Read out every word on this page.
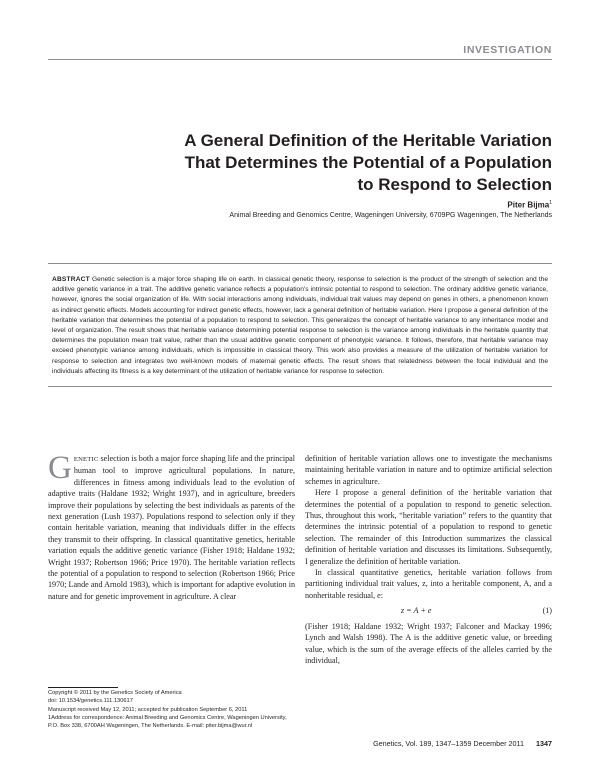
INVESTIGATION
A General Definition of the Heritable Variation
That Determines the Potential of a Population
to Respond to Selection
Piter Bijma$^1$
Animal Breeding and Genomics Centre, Wageningen University, 6709PG Wageningen, The Netherlands
ABSTRACT Genetic selection is a major force shaping life on earth. In classical genetic theory, response to selection is the product of the strength of selection and the additive genetic variance in a trait. The additive genetic variance reflects a population’s intrinsic potential to respond to selection. The ordinary additive genetic variance, however, ignores the social organization of life. With social interactions among individuals, individual trait values may depend on genes in others, a phenomenon known as indirect genetic effects. Models accounting for indirect genetic effects, however, lack a general definition of heritable variation. Here I propose a general definition of the heritable variation that determines the potential of a population to respond to selection. This generalizes the concept of heritable variance to any inheritance model and level of organization. The result shows that heritable variance determining potential response to selection is the variance among individuals in the heritable quantity that determines the population mean trait value, rather than the usual additive genetic component of phenotypic variance. It follows, therefore, that heritable variance may exceed phenotypic variance among individuals, which is impossible in classical theory. This work also provides a measure of the utilization of heritable variation for response to selection and integrates two well-known models of maternal genetic effects. The result shows that relatedness between the focal individual and the individuals affecting its fitness is a key determinant of the utilization of heritable variance for response to selection.

GENETIC selection is both a major force shaping life and the principal human tool to improve agricultural populations. In nature, differences in fitness among individuals lead to the evolution of adaptive traits (Haldane 1932; Wright 1937), and in agriculture, breeders improve their populations by selecting the best individuals as parents of the next generation (Lush 1937). Populations respond to selection only if they contain heritable variation, meaning that individuals differ in the effects they transmit to their offspring. In classical quantitative genetics, heritable variation equals the additive genetic variance (Fisher 1918; Haldane 1932; Wright 1937; Robertson 1966; Price 1970). The heritable variation reflects the potential of a population to respond to selection (Robertson 1966; Price 1970; Lande and Arnold 1983), which is important for adaptive evolution in nature and for genetic improvement in agriculture. A clear

definition of heritable variation allows one to investigate the mechanisms maintaining heritable variation in nature and to optimize artificial selection schemes in agriculture.

Here I propose a general definition of the heritable variation that determines the potential of a population to respond to genetic selection. Thus, throughout this work, “heritable variation” refers to the quantity that determines the intrinsic potential of a population to respond to genetic selection. The remainder of this Introduction summarizes the classical definition of heritable variation and discusses its limitations. Subsequently, I generalize the definition of heritable variation.

In classical quantitative genetics, heritable variation follows from partitioning individual trait values, z, into a heritable component, A, and a nonheritable residual, e:

z = A + e	(1)

(Fisher 1918; Haldane 1932; Wright 1937; Falconer and Mackay 1996; Lynch and Walsh 1998). The A is the additive genetic value, or breeding value, which is the sum of the average effects of the alleles carried by the individual,

Copyright © 2011 by the Genetics Society of America
doi: 10.1534/genetics.111.130617
Manuscript received May 12, 2011; accepted for publication September 6, 2011
1Address for correspondence: Animal Breeding and Genomics Centre, Wageningen University, P.O. Box 338, 6700AH Wageningen, The Netherlands. E-mail: piter.bijma@wur.nl
Genetics, Vol. 189, 1347–1359 December 2011 1347
